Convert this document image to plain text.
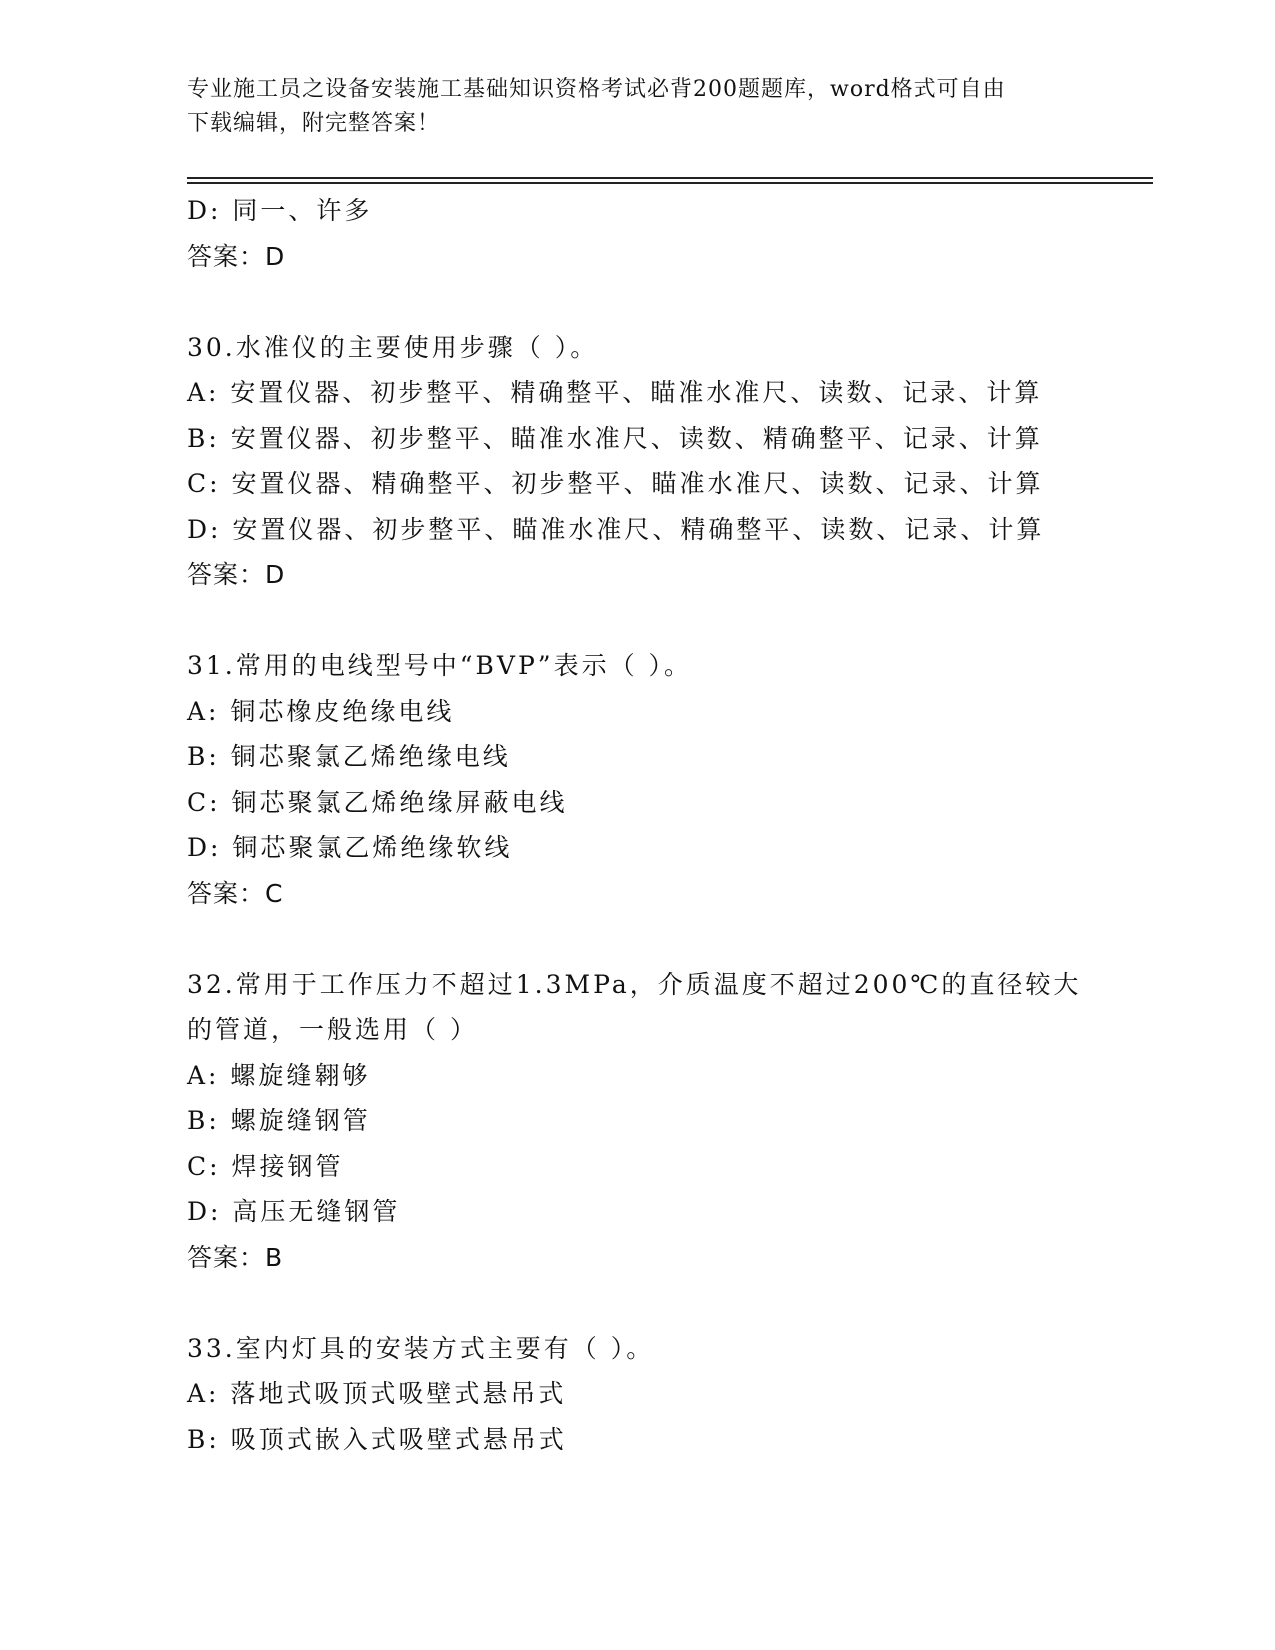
专业施工员之设备安装施工基础知识资格考试必背200题题库，word格式可自由
下载编辑，附完整答案！
D: 同一、许多
答案：D
30.水准仪的主要使用步骤（ ）。
A: 安置仪器、初步整平、精确整平、瞄准水准尺、读数、记录、计算
B: 安置仪器、初步整平、瞄准水准尺、读数、精确整平、记录、计算
C: 安置仪器、精确整平、初步整平、瞄准水准尺、读数、记录、计算
D: 安置仪器、初步整平、瞄准水准尺、精确整平、读数、记录、计算
答案：D
31.常用的电线型号中“BVP”表示（ ）。
A: 铜芯橡皮绝缘电线
B: 铜芯聚氯乙烯绝缘电线
C: 铜芯聚氯乙烯绝缘屏蔽电线
D: 铜芯聚氯乙烯绝缘软线
答案：C
32.常用于工作压力不超过1.3MPa，介质温度不超过200℃的直径较大
的管道，一般选用（ ）
A: 螺旋缝翱够
B: 螺旋缝钢管
C: 焊接钢管
D: 高压无缝钢管
答案：B
33.室内灯具的安装方式主要有（ ）。
A: 落地式吸顶式吸壁式悬吊式
B: 吸顶式嵌入式吸壁式悬吊式
